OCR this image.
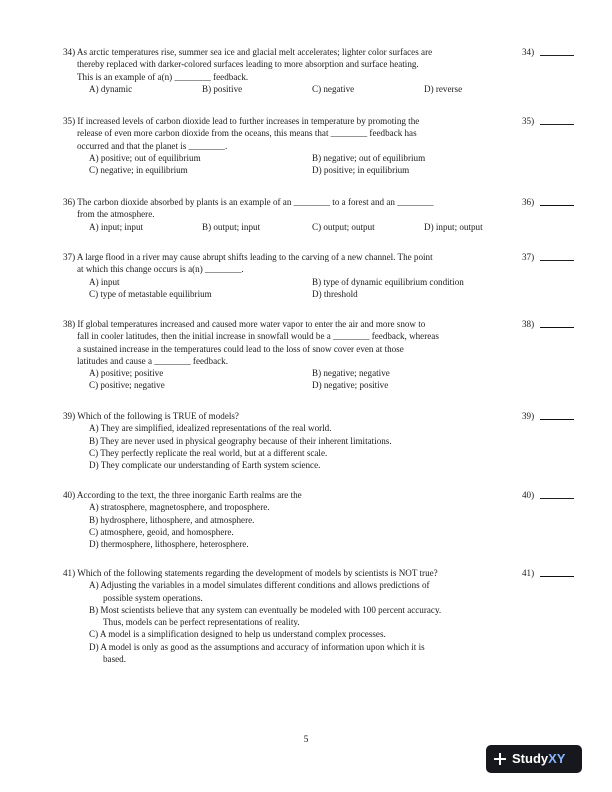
34) As arctic temperatures rise, summer sea ice and glacial melt accelerates; lighter color surfaces are
thereby replaced with darker-colored surfaces leading to more absorption and surface heating.
This is an example of a(n) ________ feedback.
A) dynamic	B) positive	C) negative	D) reverse
34)
35) If increased levels of carbon dioxide lead to further increases in temperature by promoting the
release of even more carbon dioxide from the oceans, this means that ________ feedback has
occurred and that the planet is ________.
A) positive; out of equilibrium	B) negative; out of equilibrium
C) negative; in equilibrium	D) positive; in equilibrium
35)
36) The carbon dioxide absorbed by plants is an example of an ________ to a forest and an ________
from the atmosphere.
A) input; input	B) output; input	C) output; output	D) input; output
36)
37) A large flood in a river may cause abrupt shifts leading to the carving of a new channel. The point
at which this change occurs is a(n) ________.
A) input	B) type of dynamic equilibrium condition
C) type of metastable equilibrium	D) threshold
37)
38) If global temperatures increased and caused more water vapor to enter the air and more snow to
fall in cooler latitudes, then the initial increase in snowfall would be a ________ feedback, whereas
a sustained increase in the temperatures could lead to the loss of snow cover even at those
latitudes and cause a ________ feedback.
A) positive; positive	B) negative; negative
C) positive; negative	D) negative; positive
38)
39) Which of the following is TRUE of models?
A) They are simplified, idealized representations of the real world.
B) They are never used in physical geography because of their inherent limitations.
C) They perfectly replicate the real world, but at a different scale.
D) They complicate our understanding of Earth system science.
39)
40) According to the text, the three inorganic Earth realms are the
A) stratosphere, magnetosphere, and troposphere.
B) hydrosphere, lithosphere, and atmosphere.
C) atmosphere, geoid, and homosphere.
D) thermosphere, lithosphere, heterosphere.
40)
41) Which of the following statements regarding the development of models by scientists is NOT true?
A) Adjusting the variables in a model simulates different conditions and allows predictions of
possible system operations.
B) Most scientists believe that any system can eventually be modeled with 100 percent accuracy.
Thus, models can be perfect representations of reality.
C) A model is a simplification designed to help us understand complex processes.
D) A model is only as good as the assumptions and accuracy of information upon which it is
based.
41)
5
Study XY
